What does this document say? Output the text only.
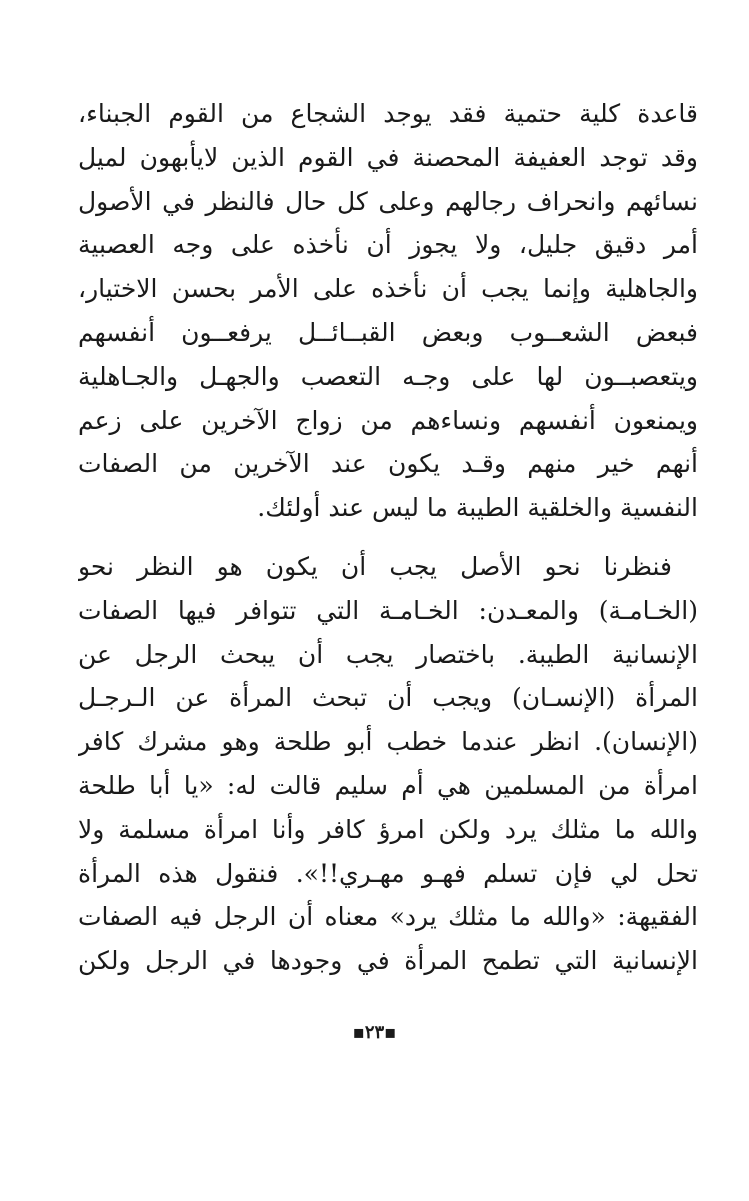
قاعدة كلية حتمية فقد يوجد الشجاع من القوم الجبناء،
وقد توجد العفيفة المحصنة في القوم الذين لايأبهون لميل
نسائهم وانحراف رجالهم وعلى كل حال فالنظر في الأصول
أمر دقيق جليل، ولا يجوز أن نأخذه على وجه العصبية
والجاهلية وإنما يجب أن نأخذه على الأمر بحسن الاختيار،
فبعض الشعــوب وبعض القبــائــل يرفعــون أنفسهم
ويتعصبــون لها على وجـه التعصب والجهـل والجـاهلية
ويمنعون أنفسهم ونساءهم من زواج الآخرين على زعم
أنهم خير منهم وقـد يكون عند الآخرين من الصفات
النفسية والخلقية الطيبة ما ليس عند أولئك.
فنظرنا نحو الأصل يجب أن يكون هو النظر نحو
(الخـامـة) والمعـدن: الخـامـة التي تتوافر فيها الصفات
الإنسانية الطيبة. باختصار يجب أن يبحث الرجل عن
المرأة (الإنسـان) ويجب أن تبحث المرأة عن الـرجـل
(الإنسان). انظر عندما خطب أبو طلحة وهو مشرك كافر
امرأة من المسلمين هي أم سليم قالت له: «يا أبا طلحة
والله ما مثلك يرد ولكن امرؤ كافر وأنا امرأة مسلمة ولا
تحل لي فإن تسلم فهـو مهـري!!». فنقول هذه المرأة
الفقيهة: «والله ما مثلك يرد» معناه أن الرجل فيه الصفات
الإنسانية التي تطمح المرأة في وجودها في الرجل ولكن
▪٢٣▪
